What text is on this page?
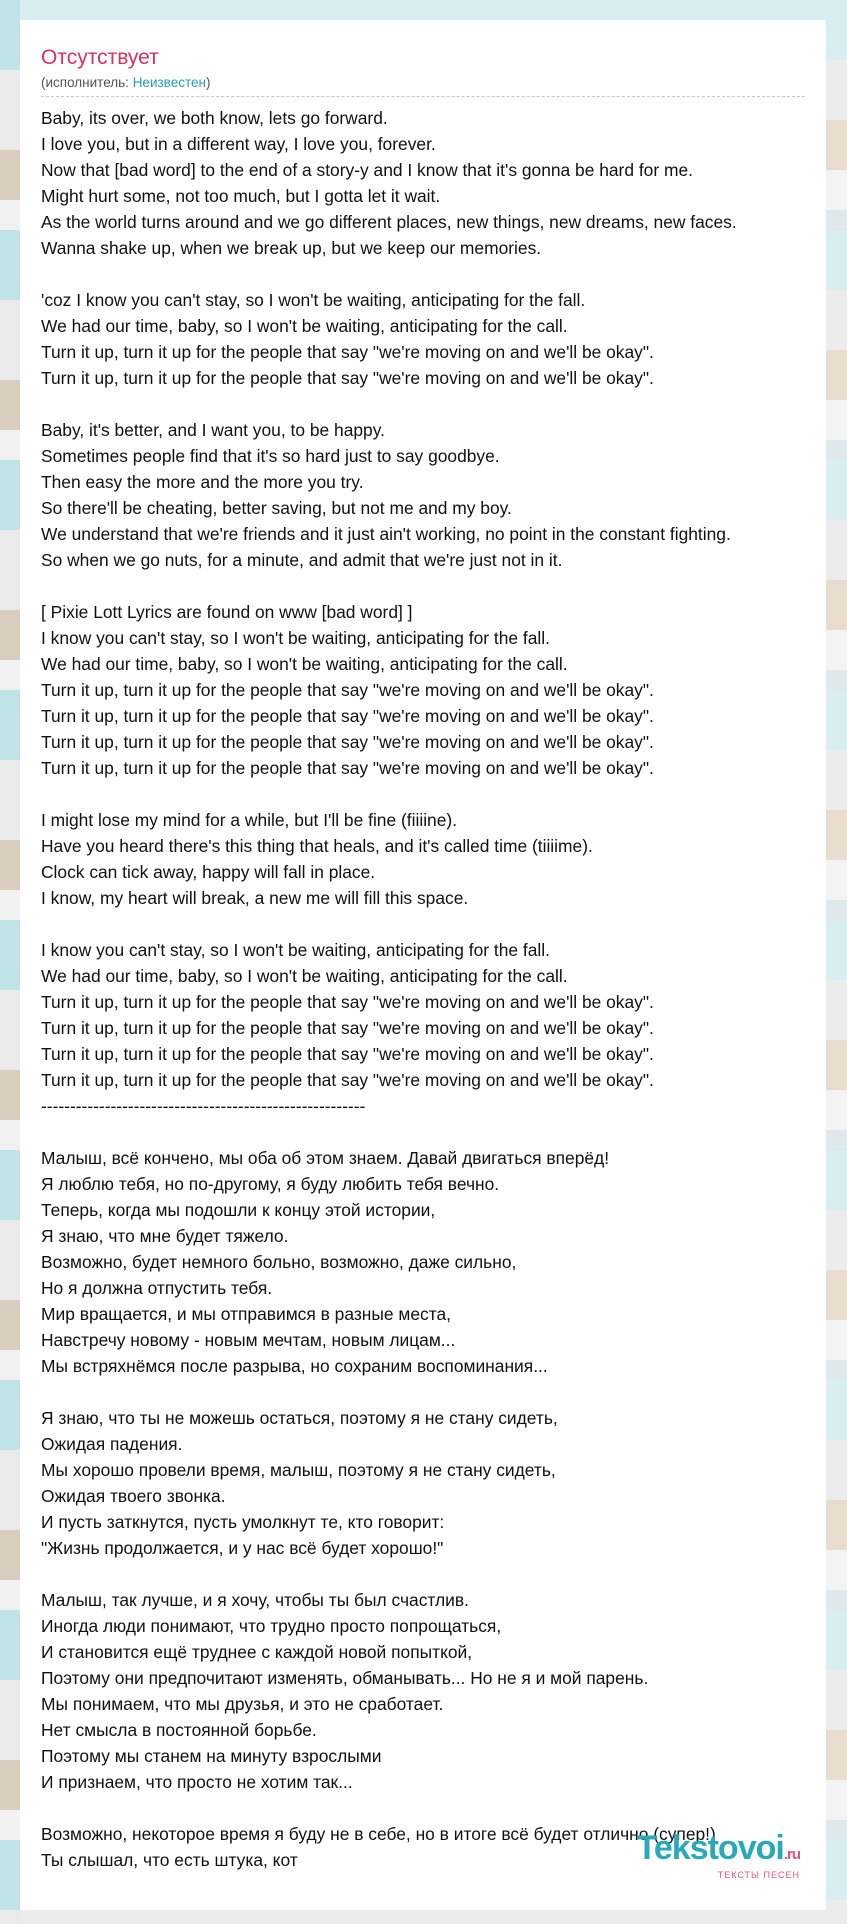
Отсутствует
(исполнитель: Неизвестен)
Baby, its over, we both know, lets go forward.
I love you, but in a different way, I love you, forever.
Now that [bad word] to the end of a story-y and I know that it's gonna be hard for me.
Might hurt some, not too much, but I gotta let it wait.
As the world turns around and we go different places, new things, new dreams, new faces.
Wanna shake up, when we break up, but we keep our memories.
'coz I know you can't stay, so I won't be waiting, anticipating for the fall.
We had our time, baby, so I won't be waiting, anticipating for the call.
Turn it up, turn it up for the people that say "we're moving on and we'll be okay".
Turn it up, turn it up for the people that say "we're moving on and we'll be okay".
Baby, it's better, and I want you, to be happy.
Sometimes people find that it's so hard just to say goodbye.
Then easy the more and the more you try.
So there'll be cheating, better saving, but not me and my boy.
We understand that we're friends and it just ain't working, no point in the constant fighting.
So when we go nuts, for a minute, and admit that we're just not in it.
[ Pixie Lott Lyrics are found on www [bad word] ]
I know you can't stay, so I won't be waiting, anticipating for the fall.
We had our time, baby, so I won't be waiting, anticipating for the call.
Turn it up, turn it up for the people that say "we're moving on and we'll be okay".
Turn it up, turn it up for the people that say "we're moving on and we'll be okay".
Turn it up, turn it up for the people that say "we're moving on and we'll be okay".
Turn it up, turn it up for the people that say "we're moving on and we'll be okay".
I might lose my mind for a while, but I'll be fine (fiiiine).
Have you heard there's this thing that heals, and it's called time (tiiiime).
Clock can tick away, happy will fall in place.
I know, my heart will break, a new me will fill this space.
I know you can't stay, so I won't be waiting, anticipating for the fall.
We had our time, baby, so I won't be waiting, anticipating for the call.
Turn it up, turn it up for the people that say "we're moving on and we'll be okay".
Turn it up, turn it up for the people that say "we're moving on and we'll be okay".
Turn it up, turn it up for the people that say "we're moving on and we'll be okay".
Turn it up, turn it up for the people that say "we're moving on and we'll be okay".
--------------------------------------------------------
Малыш, всё кончено, мы оба об этом знаем. Давай двигаться вперёд!
Я люблю тебя, но по-другому, я буду любить тебя вечно.
Теперь, когда мы подошли к концу этой истории,
Я знаю, что мне будет тяжело.
Возможно, будет немного больно, возможно, даже сильно,
Но я должна отпустить тебя.
Мир вращается, и мы отправимся в разные места,
Навстречу новому - новым мечтам, новым лицам...
Мы встряхнёмся после разрыва, но сохраним воспоминания...
Я знаю, что ты не можешь остаться, поэтому я не стану сидеть,
Ожидая падения.
Мы хорошо провели время, малыш, поэтому я не стану сидеть,
Ожидая твоего звонка.
И пусть заткнутся, пусть умолкнут те, кто говорит:
"Жизнь продолжается, и у нас всё будет хорошо!"
Малыш, так лучше, и я хочу, чтобы ты был счастлив.
Иногда люди понимают, что трудно просто попрощаться,
И становится ещё труднее с каждой новой попыткой,
Поэтому они предпочитают изменять, обманывать... Но не я и мой парень.
Мы понимаем, что мы друзья, и это не сработает.
Нет смысла в постоянной борьбе.
Поэтому мы станем на минуту взрослыми
И признаем, что просто не хотим так...
Возможно, некоторое время я буду не в себе, но в итоге всё будет отлично (супер!)
Ты слышал, что есть штука, кот	Tekstovoi.ru
ТЕКСТЫ ПЕСЕН
